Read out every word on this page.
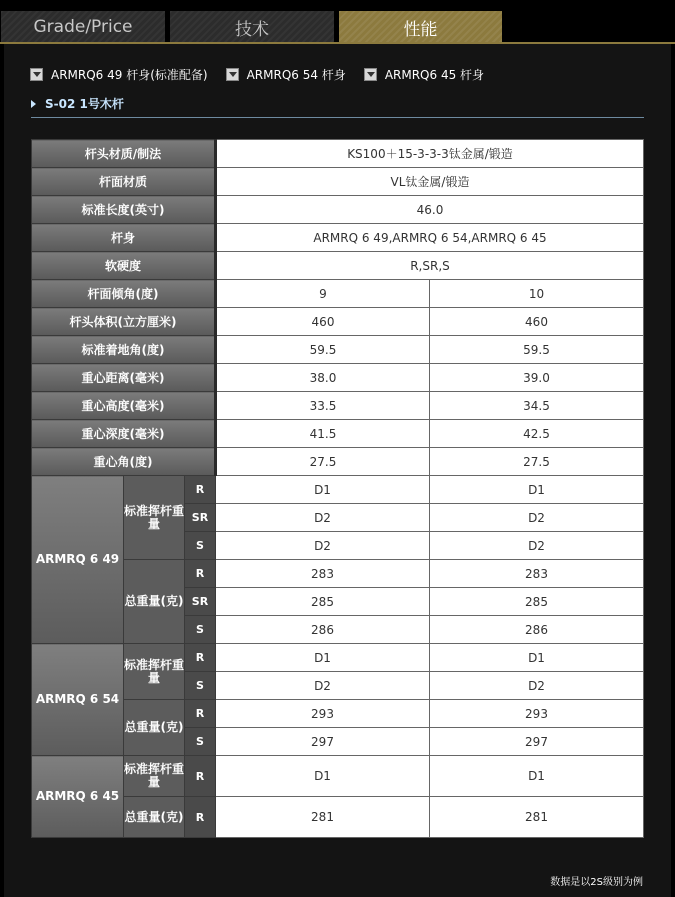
Grade/Price	技术	性能
ARMRQ6 49 杆身(标准配备)	ARMRQ6 54 杆身	ARMRQ6 45 杆身
S-02 1号木杆
杆头材质/制法			KS100＋15-3-3-3钛金属/锻造	
杆面材质			VL钛金属/锻造	
标准长度(英寸)			46.0	
杆身			ARMRQ 6 49,ARMRQ 6 54,ARMRQ 6 45	
软硬度			R,SR,S	
杆面倾角(度)			9	10
杆头体积(立方厘米)			460	460
标准着地角(度)			59.5	59.5
重心距离(毫米)			38.0	39.0
重心高度(毫米)			33.5	34.5
重心深度(毫米)			41.5	42.5
重心角(度)			27.5	27.5
ARMRQ 6 49	标准挥杆重量	R	D1	D1
		SR	D2	D2
		S	D2	D2
	总重量(克)	R	283	283
		SR	285	285
		S	286	286
ARMRQ 6 54	标准挥杆重量	R	D1	D1
		S	D2	D2
	总重量(克)	R	293	293
		S	297	297
ARMRQ 6 45	标准挥杆重量	R	D1	D1
	总重量(克)	R	281	281
数据是以2S级别为例
